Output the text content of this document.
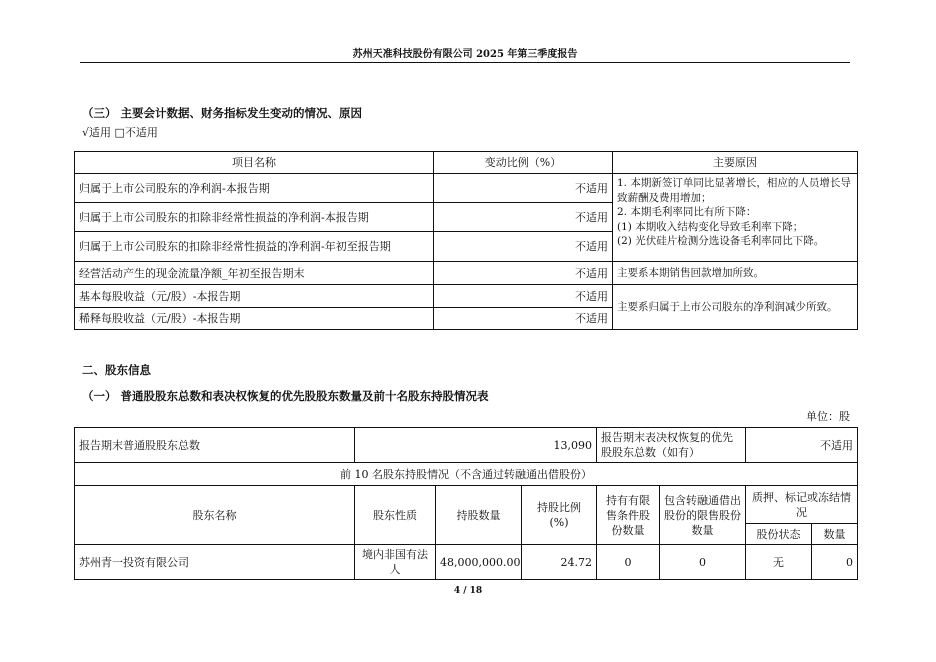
苏州天准科技股份有限公司 2025 年第三季度报告
（三） 主要会计数据、财务指标发生变动的情况、原因
√适用 □不适用
项目名称	变动比例（%）	主要原因
归属于上市公司股东的净利润-本报告期	不适用	1. 本期新签订单同比显著增长，相应的人员增长导致薪酬及费用增加；
2. 本期毛利率同比有所下降：
(1) 本期收入结构变化导致毛利率下降；
(2) 光伏硅片检测分选设备毛利率同比下降。

归属于上市公司股东的扣除非经常性损益的净利润-本报告期	不适用	
归属于上市公司股东的扣除非经常性损益的净利润-年初至报告期	不适用	
经营活动产生的现金流量净额_年初至报告期末	不适用	主要系本期销售回款增加所致。
基本每股收益（元/股）-本报告期	不适用	主要系归属于上市公司股东的净利润减少所致。
稀释每股收益（元/股）-本报告期	不适用	
二、股东信息
（一） 普通股股东总数和表决权恢复的优先股股东数量及前十名股东持股情况表
单位：股
报告期末普通股股东总数	13,090			报告期末表决权恢复的优先股股东总数（如有）		不适用	
前 10 名股东持股情况（不含通过转融通出借股份）							
股东名称	股东性质	持股数量	持股比例 (%)	持有有限售条件股份数量	包含转融通借出股份的限售股份数量	质押、标记或冻结情况	
						股份状态	数量
苏州青一投资有限公司	境内非国有法人	48,000,000.00	24.72	0	0	无	0
4 / 18
